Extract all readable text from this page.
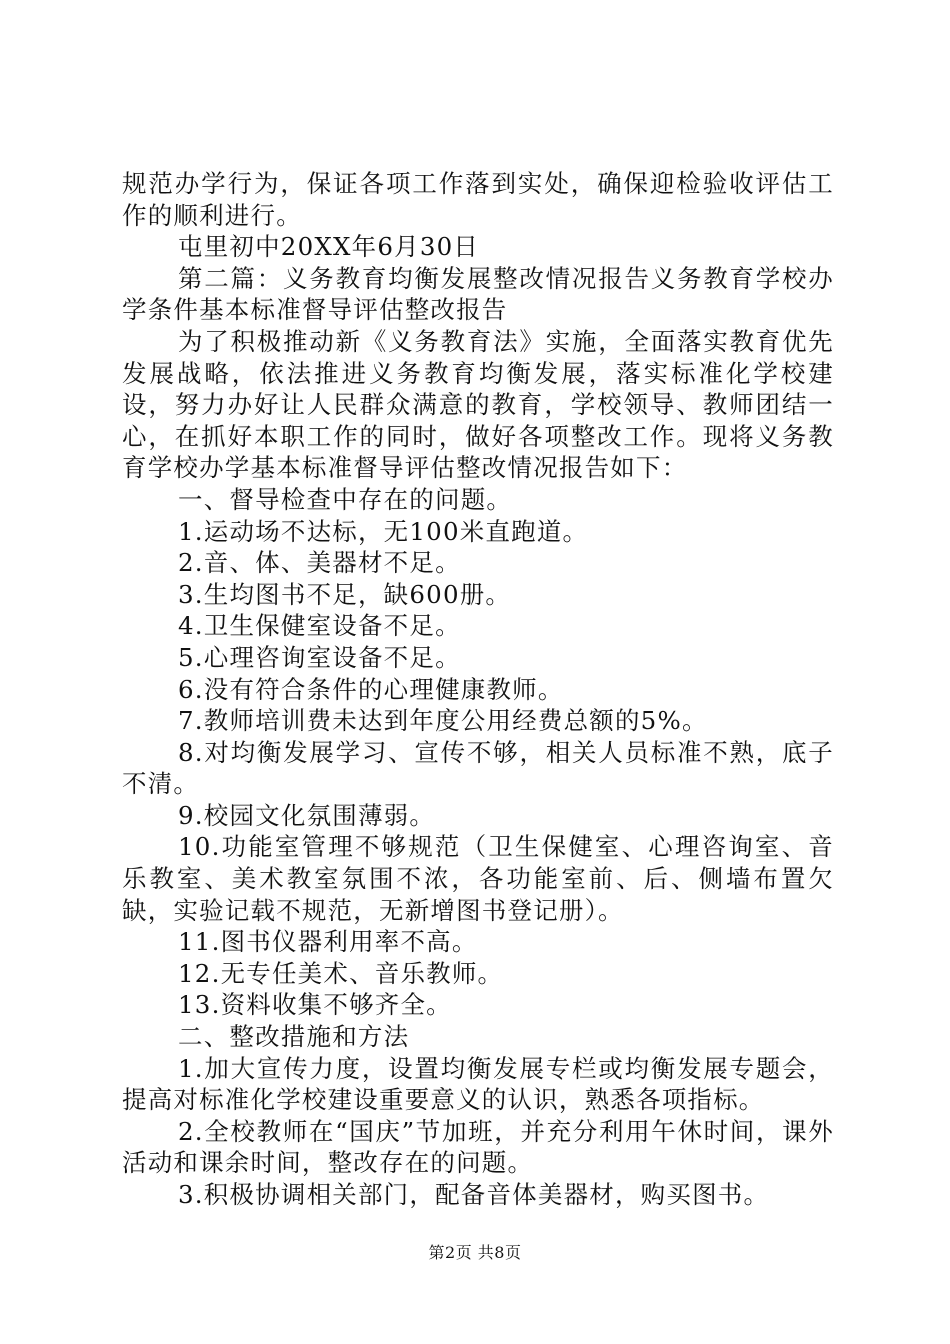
规范办学行为，保证各项工作落到实处，确保迎检验收评估工作的顺利进行。

屯里初中20XX年6月30日

第二篇：义务教育均衡发展整改情况报告义务教育学校办学条件基本标准督导评估整改报告

为了积极推动新《义务教育法》实施，全面落实教育优先发展战略，依法推进义务教育均衡发展，落实标准化学校建设，努力办好让人民群众满意的教育，学校领导、教师团结一心，在抓好本职工作的同时，做好各项整改工作。现将义务教育学校办学基本标准督导评估整改情况报告如下：

一、督导检查中存在的问题。

1.运动场不达标，无100米直跑道。

2.音、体、美器材不足。

3.生均图书不足，缺600册。

4.卫生保健室设备不足。

5.心理咨询室设备不足。

6.没有符合条件的心理健康教师。

7.教师培训费未达到年度公用经费总额的5%。

8.对均衡发展学习、宣传不够，相关人员标准不熟，底子不清。

9.校园文化氛围薄弱。

10.功能室管理不够规范（卫生保健室、心理咨询室、音乐教室、美术教室氛围不浓，各功能室前、后、侧墙布置欠缺，实验记载不规范，无新增图书登记册）。

11.图书仪器利用率不高。

12.无专任美术、音乐教师。

13.资料收集不够齐全。

二、整改措施和方法

1.加大宣传力度，设置均衡发展专栏或均衡发展专题会，提高对标准化学校建设重要意义的认识，熟悉各项指标。

2.全校教师在“国庆”节加班，并充分利用午休时间，课外活动和课余时间，整改存在的问题。

3.积极协调相关部门，配备音体美器材，购买图书。

第2页 共8页
